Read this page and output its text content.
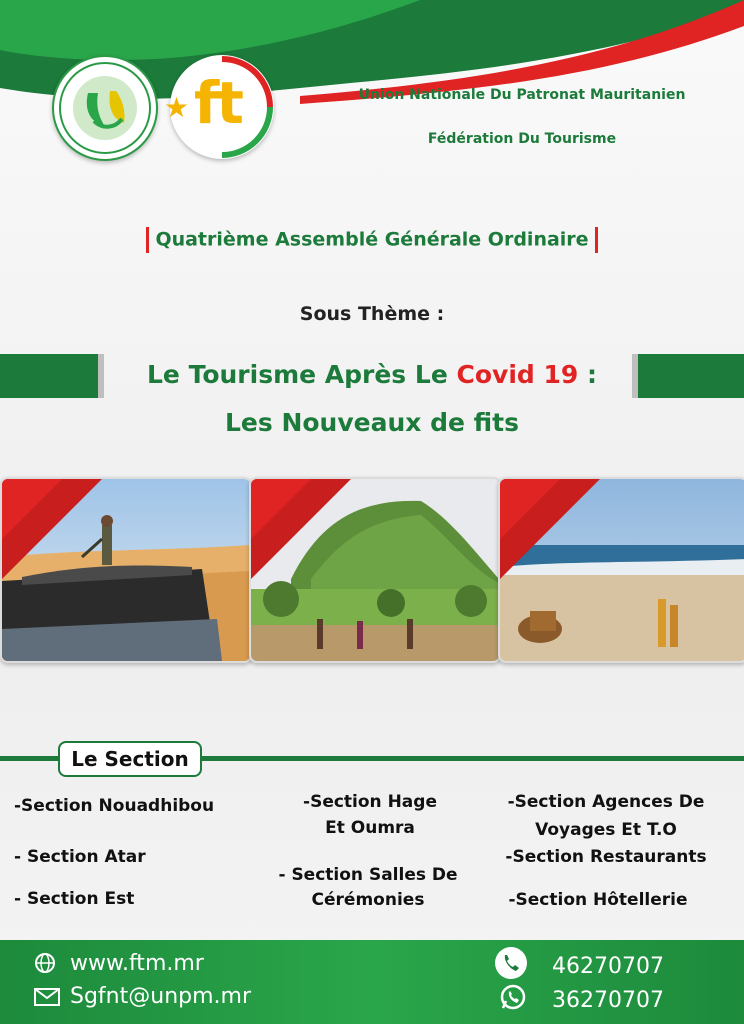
★ ft	Union Nationale Du Patronat Mauritanien
Fédération Du Tourisme
Quatrième Assemblé Générale Ordinaire
Sous Thème :
Le Tourisme Après Le Covid 19 :
Les Nouveaux de fits
Le Section
-Section Nouadhibou
- Section Atar
- Section Est
-Section Hage
Et Oumra
- Section Salles De
Cérémonies
-Section Agences De
Voyages Et T.O
-Section Restaurants
-Section Hôtellerie
www.ftm.mr
Sgfnt@unpm.mr
46270707
36270707
